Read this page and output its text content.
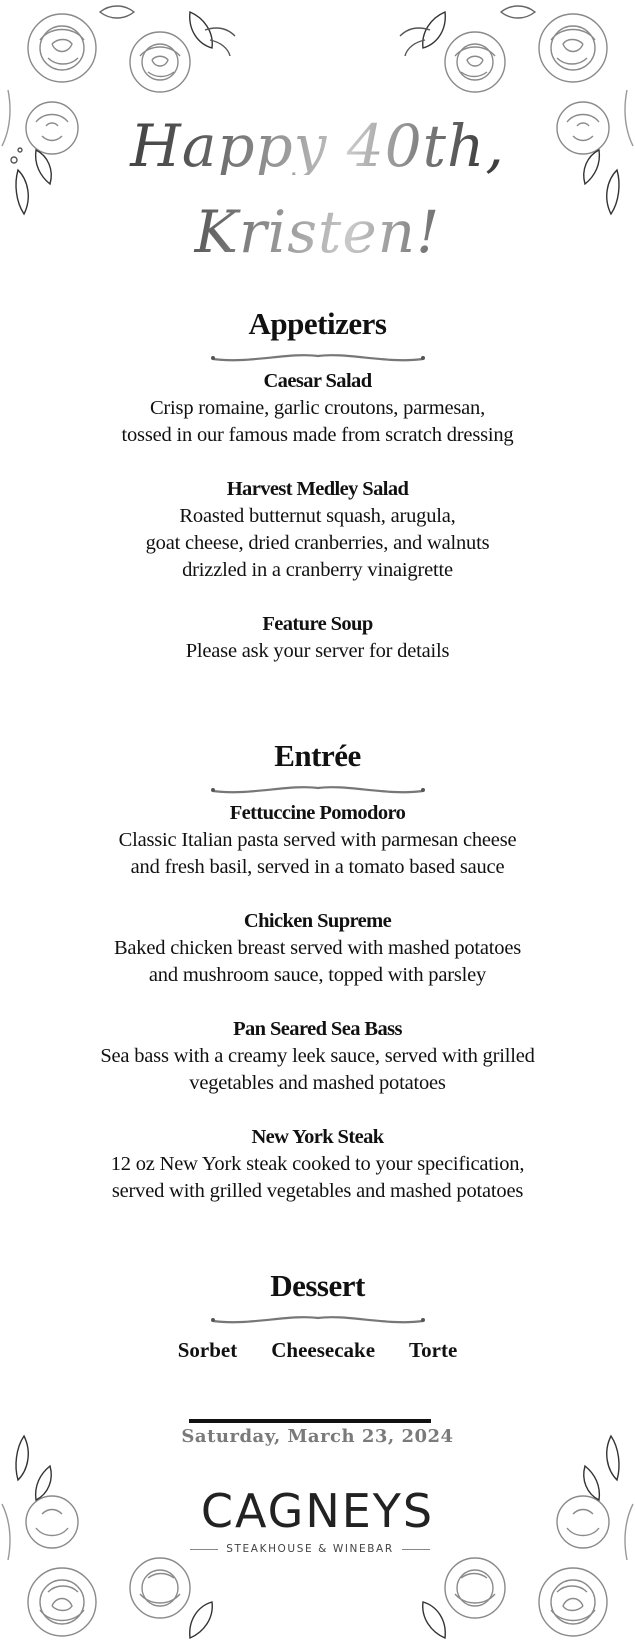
Happy 40th,
Kristen!
Appetizers
Caesar Salad
Crisp romaine, garlic croutons, parmesan,
tossed in our famous made from scratch dressing
Harvest Medley Salad
Roasted butternut squash, arugula,
goat cheese, dried cranberries, and walnuts
drizzled in a cranberry vinaigrette
Feature Soup
Please ask your server for details
Entrée
Fettuccine Pomodoro
Classic Italian pasta served with parmesan cheese
and fresh basil, served in a tomato based sauce
Chicken Supreme
Baked chicken breast served with mashed potatoes
and mushroom sauce, topped with parsley
Pan Seared Sea Bass
Sea bass with a creamy leek sauce, served with grilled
vegetables and mashed potatoes
New York Steak
12 oz New York steak cooked to your specification,
served with grilled vegetables and mashed potatoes
Dessert
Sorbet Cheesecake Torte
Saturday, March 23, 2024
CAGNEYS
STEAKHOUSE & WINEBAR
